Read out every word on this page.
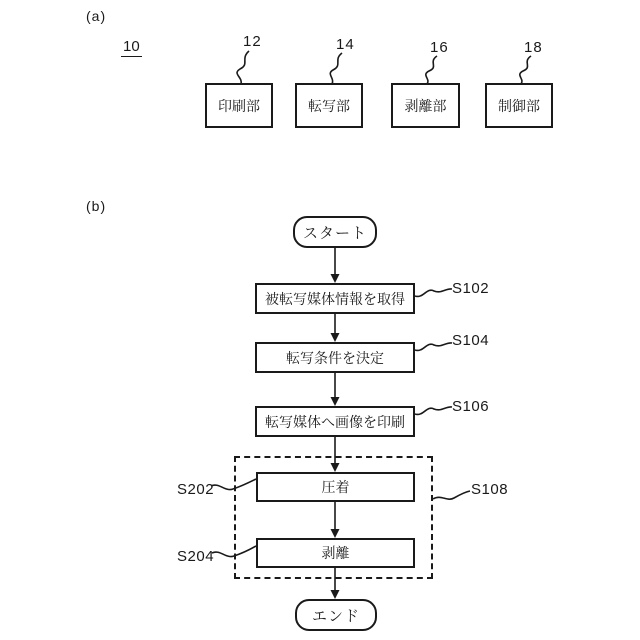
(a)
10	12	14	16	18
印刷部	転写部	剥離部	制御部
(b)
スタート
被転写媒体情報を取得
S102
転写条件を決定
S104
転写媒体へ画像を印刷
S106
S108
圧着
S202
剥離
S204
エンド
